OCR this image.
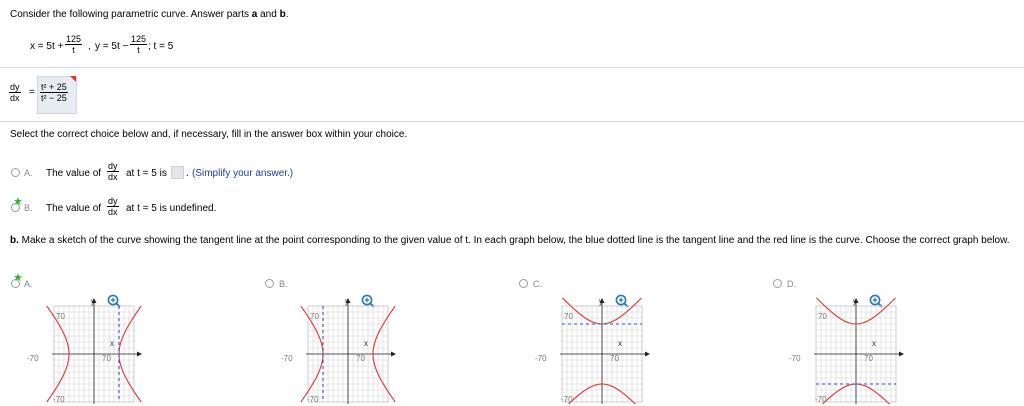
Consider the following parametric curve. Answer parts a and b.
$x = 5t + \frac{125}{t}$ , $y = 5t - \frac{125}{t}$ ; t = 5
$\frac{dy}{dx} = \frac{\text{t² + 25}}{\text{t² − 25}}$
Select the correct choice below and, if necessary, fill in the answer box within your choice.
A. The value of $\frac{dy}{dx}$ at t = 5 is . (Simplify your answer.)
★ B. The value of $\frac{dy}{dx}$ at t = 5 is undefined.
b. Make a sketch of the curve showing the tangent line at the point corresponding to the given value of t. In each graph below, the blue dotted line is the tangent line and the red line is the curve. Choose the correct graph below.
★ A.	B.	C.	D.
y
70
x
-70	70
-70
y
70
x
-70	70
-70
y
70
x
-70	70
-70
y
70
x
-70	70
-70
